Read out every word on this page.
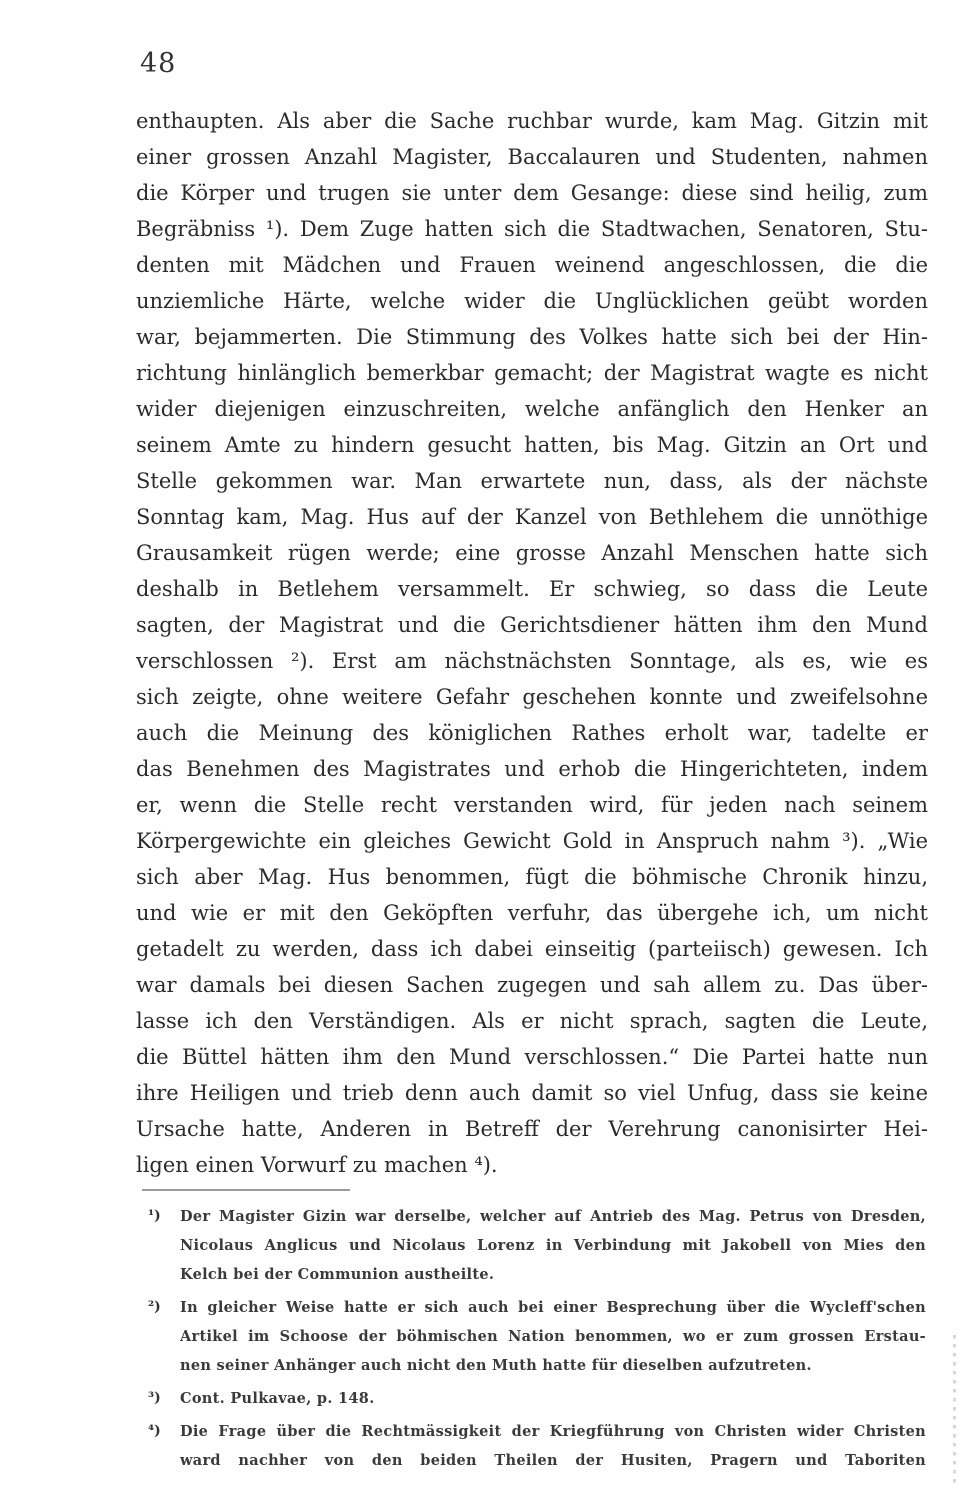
48
enthaupten. Als aber die Sache ruchbar wurde, kam Mag. Gitzin mit
einer grossen Anzahl Magister, Baccalauren und Studenten, nahmen
die Körper und trugen sie unter dem Gesange: diese sind heilig, zum
Begräbniss ¹). Dem Zuge hatten sich die Stadtwachen, Senatoren, Stu-
denten mit Mädchen und Frauen weinend angeschlossen, die die
unziemliche Härte, welche wider die Unglücklichen geübt worden
war, bejammerten. Die Stimmung des Volkes hatte sich bei der Hin-
richtung hinlänglich bemerkbar gemacht; der Magistrat wagte es nicht
wider diejenigen einzuschreiten, welche anfänglich den Henker an
seinem Amte zu hindern gesucht hatten, bis Mag. Gitzin an Ort und
Stelle gekommen war. Man erwartete nun, dass, als der nächste
Sonntag kam, Mag. Hus auf der Kanzel von Bethlehem die unnöthige
Grausamkeit rügen werde; eine grosse Anzahl Menschen hatte sich
deshalb in Betlehem versammelt. Er schwieg, so dass die Leute
sagten, der Magistrat und die Gerichtsdiener hätten ihm den Mund
verschlossen ²). Erst am nächstnächsten Sonntage, als es, wie es
sich zeigte, ohne weitere Gefahr geschehen konnte und zweifelsohne
auch die Meinung des königlichen Rathes erholt war, tadelte er
das Benehmen des Magistrates und erhob die Hingerichteten, indem
er, wenn die Stelle recht verstanden wird, für jeden nach seinem
Körpergewichte ein gleiches Gewicht Gold in Anspruch nahm ³). „Wie
sich aber Mag. Hus benommen, fügt die böhmische Chronik hinzu,
und wie er mit den Geköpften verfuhr, das übergehe ich, um nicht
getadelt zu werden, dass ich dabei einseitig (parteiisch) gewesen. Ich
war damals bei diesen Sachen zugegen und sah allem zu. Das über-
lasse ich den Verständigen. Als er nicht sprach, sagten die Leute,
die Büttel hätten ihm den Mund verschlossen.“ Die Partei hatte nun
ihre Heiligen und trieb denn auch damit so viel Unfug, dass sie keine
Ursache hatte, Anderen in Betreff der Verehrung canonisirter Hei-
ligen einen Vorwurf zu machen ⁴).
¹) Der Magister Gizin war derselbe, welcher auf Antrieb des Mag. Petrus von Dresden,
Nicolaus Anglicus und Nicolaus Lorenz in Verbindung mit Jakobell von Mies den
Kelch bei der Communion austheilte.
²) In gleicher Weise hatte er sich auch bei einer Besprechung über die Wycleff'schen
Artikel im Schoose der böhmischen Nation benommen, wo er zum grossen Erstau-
nen seiner Anhänger auch nicht den Muth hatte für dieselben aufzutreten.
³) Cont. Pulkavae, p. 148.
⁴) Die Frage über die Rechtmässigkeit der Kriegführung von Christen wider Christen
ward nachher von den beiden Theilen der Husiten, Pragern und Taboriten
